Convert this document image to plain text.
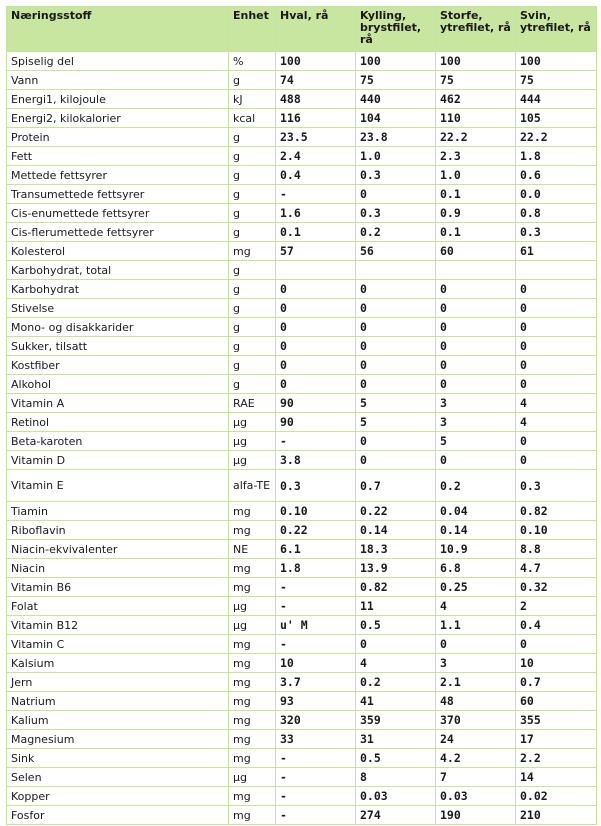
Næringsstoff	Enhet	Hval, rå	Kylling, brystfilet, rå	Storfe, ytrefilet, rå	Svin, ytrefilet, rå
Spiselig del	%	100	100	100	100
Vann	g	74	75	75	75
Energi1, kilojoule	kJ	488	440	462	444
Energi2, kilokalorier	kcal	116	104	110	105
Protein	g	23.5	23.8	22.2	22.2
Fett	g	2.4	1.0	2.3	1.8
Mettede fettsyrer	g	0.4	0.3	1.0	0.6
Transumettede fettsyrer	g	-	0	0.1	0.0
Cis-enumettede fettsyrer	g	1.6	0.3	0.9	0.8
Cis-flerumettede fettsyrer	g	0.1	0.2	0.1	0.3
Kolesterol	mg	57	56	60	61
Karbohydrat, total	g				
Karbohydrat	g	0	0	0	0
Stivelse	g	0	0	0	0
Mono- og disakkarider	g	0	0	0	0
Sukker, tilsatt	g	0	0	0	0
Kostfiber	g	0	0	0	0
Alkohol	g	0	0	0	0
Vitamin A	RAE	90	5	3	4
Retinol	µg	90	5	3	4
Beta-karoten	µg	-	0	5	0
Vitamin D	µg	3.8	0	0	0
Vitamin E	alfa-TE	0.3	0.7	0.2	0.3
Tiamin	mg	0.10	0.22	0.04	0.82
Riboflavin	mg	0.22	0.14	0.14	0.10
Niacin-ekvivalenter	NE	6.1	18.3	10.9	8.8
Niacin	mg	1.8	13.9	6.8	4.7
Vitamin B6	mg	-	0.82	0.25	0.32
Folat	µg	-	11	4	2
Vitamin B12	µg	u' M	0.5	1.1	0.4
Vitamin C	mg	-	0	0	0
Kalsium	mg	10	4	3	10
Jern	mg	3.7	0.2	2.1	0.7
Natrium	mg	93	41	48	60
Kalium	mg	320	359	370	355
Magnesium	mg	33	31	24	17
Sink	mg	-	0.5	4.2	2.2
Selen	µg	-	8	7	14
Kopper	mg	-	0.03	0.03	0.02
Fosfor	mg	-	274	190	210
